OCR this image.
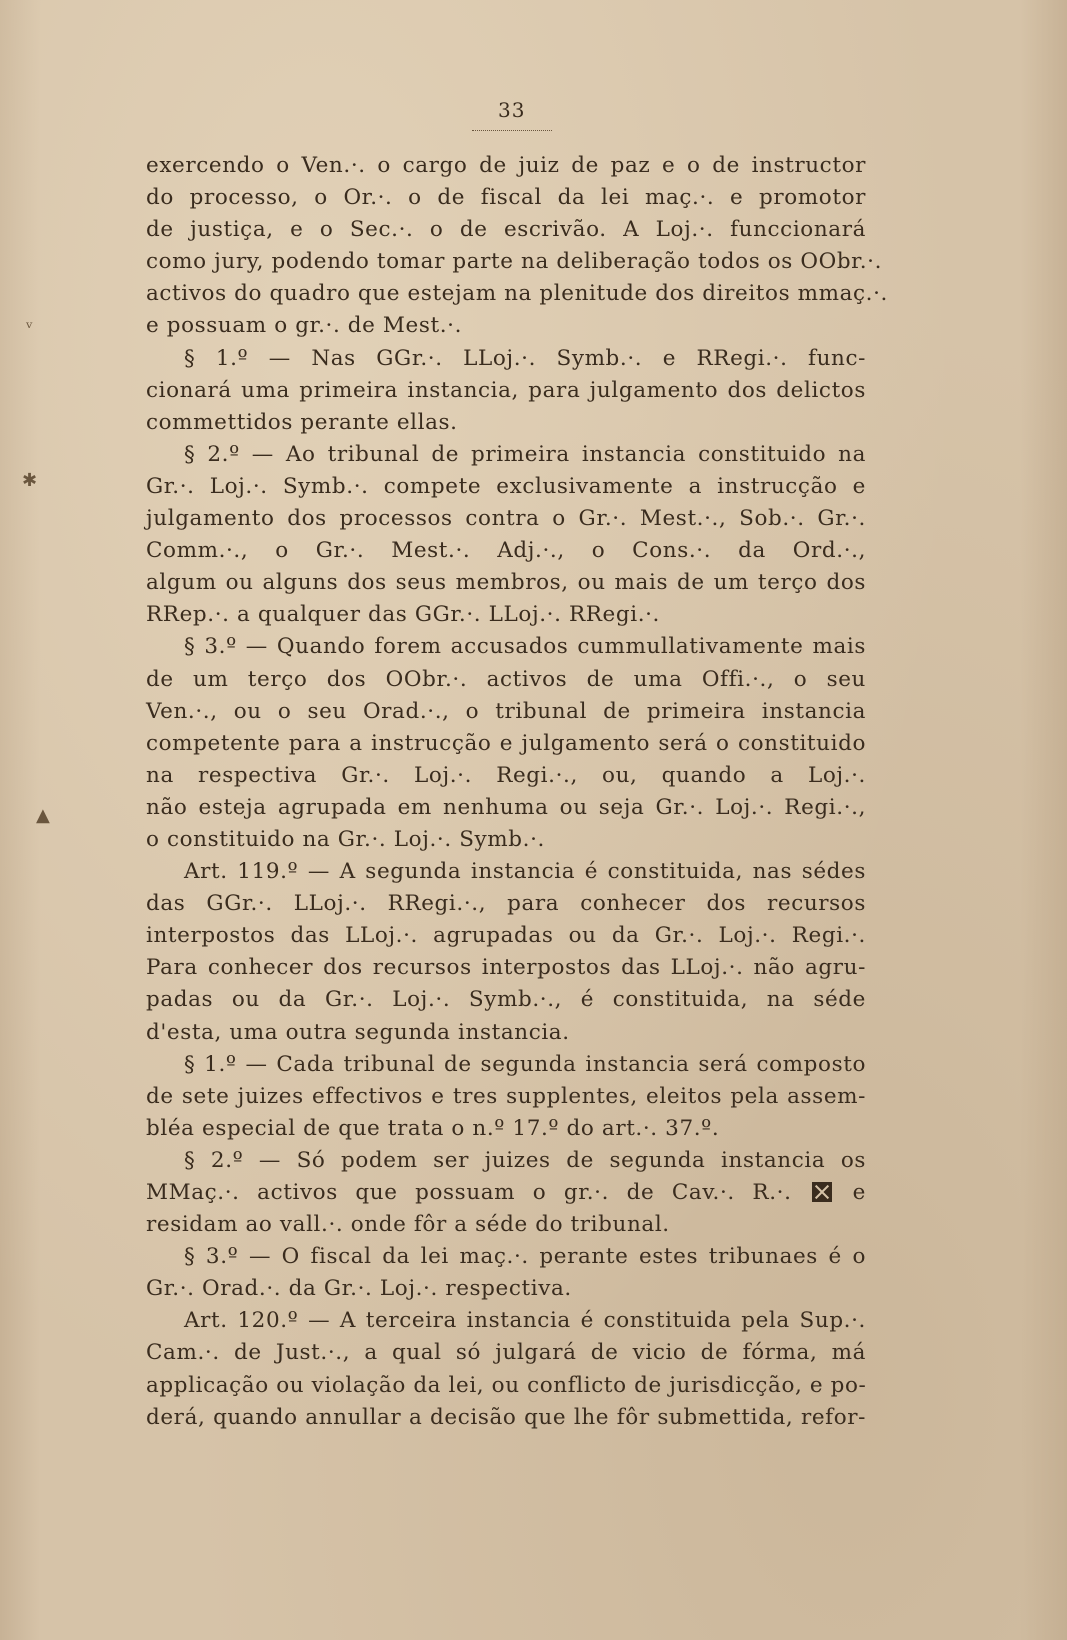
33
ᵛ
✱
▲
exercendo o Ven.·. o cargo de juiz de paz e o de instructor
do processo, o Or.·. o de fiscal da lei maç.·. e promotor
de justiça, e o Sec.·. o de escrivão. A Loj.·. funccionará
como jury, podendo tomar parte na deliberação todos os OObr.·.
activos do quadro que estejam na plenitude dos direitos mmaç.·.
e possuam o gr.·. de Mest.·.
§ 1.º — Nas GGr.·. LLoj.·. Symb.·. e RRegi.·. func-
cionará uma primeira instancia, para julgamento dos delictos
commettidos perante ellas.
§ 2.º — Ao tribunal de primeira instancia constituido na
Gr.·. Loj.·. Symb.·. compete exclusivamente a instrucção e
julgamento dos processos contra o Gr.·. Mest.·., Sob.·. Gr.·.
Comm.·., o Gr.·. Mest.·. Adj.·., o Cons.·. da Ord.·.,
algum ou alguns dos seus membros, ou mais de um terço dos
RRep.·. a qualquer das GGr.·. LLoj.·. RRegi.·.
§ 3.º — Quando forem accusados cummullativamente mais
de um terço dos OObr.·. activos de uma Offi.·., o seu
Ven.·., ou o seu Orad.·., o tribunal de primeira instancia
competente para a instrucção e julgamento será o constituido
na respectiva Gr.·. Loj.·. Regi.·., ou, quando a Loj.·.
não esteja agrupada em nenhuma ou seja Gr.·. Loj.·. Regi.·.,
o constituido na Gr.·. Loj.·. Symb.·.
Art. 119.º — A segunda instancia é constituida, nas sédes
das GGr.·. LLoj.·. RRegi.·., para conhecer dos recursos
interpostos das LLoj.·. agrupadas ou da Gr.·. Loj.·. Regi.·.
Para conhecer dos recursos interpostos das LLoj.·. não agru-
padas ou da Gr.·. Loj.·. Symb.·., é constituida, na séde
d'esta, uma outra segunda instancia.
§ 1.º — Cada tribunal de segunda instancia será composto
de sete juizes effectivos e tres supplentes, eleitos pela assem-
bléa especial de que trata o n.º 17.º do art.·. 37.º.
§ 2.º — Só podem ser juizes de segunda instancia os
MMaç.·. activos que possuam o gr.·. de Cav.·. R.·.	e
residam ao vall.·. onde fôr a séde do tribunal.
§ 3.º — O fiscal da lei maç.·. perante estes tribunaes é o
Gr.·. Orad.·. da Gr.·. Loj.·. respectiva.
Art. 120.º — A terceira instancia é constituida pela Sup.·.
Cam.·. de Just.·., a qual só julgará de vicio de fórma, má
applicação ou violação da lei, ou conflicto de jurisdicção, e po-
derá, quando annullar a decisão que lhe fôr submettida, refor-
